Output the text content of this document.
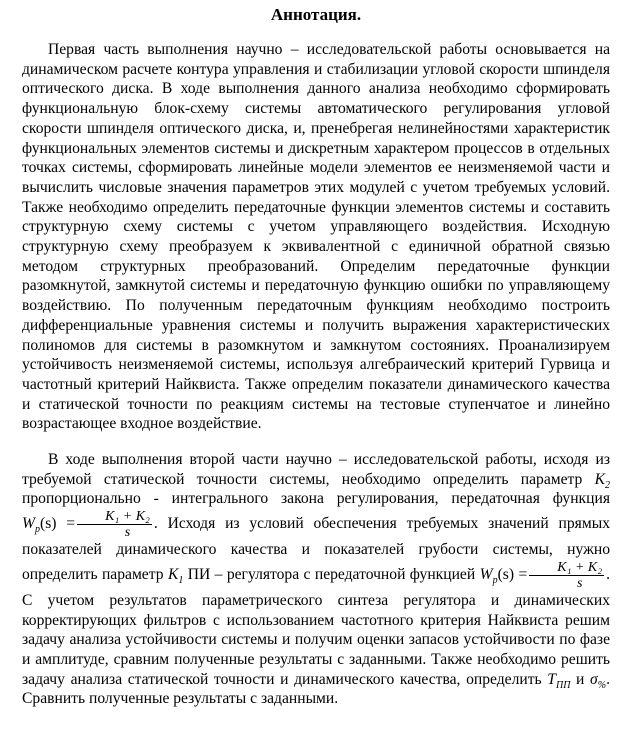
Аннотация.

Первая часть выполнения научно – исследовательской работы основывается на динамическом расчете контура управления и стабилизации угловой скорости шпинделя оптического диска. В ходе выполнения данного анализа необходимо сформировать функциональную блок-схему системы автоматического регулирования угловой скорости шпинделя оптического диска, и, пренебрегая нелинейностями характеристик функциональных элементов системы и дискретным характером процессов в отдельных точках системы, сформировать линейные модели элементов ее неизменяемой части и вычислить числовые значения параметров этих модулей с учетом требуемых условий. Также необходимо определить передаточные функции элементов системы и составить структурную схему системы с учетом управляющего воздействия. Исходную структурную схему преобразуем к эквивалентной с единичной обратной связью методом структурных преобразований. Определим передаточные функции разомкнутой, замкнутой системы и передаточную функцию ошибки по управляющему воздействию. По полученным передаточным функциям необходимо построить дифференциальные уравнения системы и получить выражения характеристических полиномов для системы в разомкнутом и замкнутом состояниях. Проанализируем устойчивость неизменяемой системы, используя алгебраический критерий Гурвица и частотный критерий Найквиста. Также определим показатели динамического качества и статической точности по реакциям системы на тестовые ступенчатое и линейно возрастающее входное воздействие.

В ходе выполнения второй части научно – исследовательской работы, исходя из требуемой статической точности системы, необходимо определить параметр $K_2$ пропорционально - интегрального закона регулирования, передаточная функция $W_p(s) = \frac{\text{K₁ + K₂}}{s}$ . Исходя из условий обеспечения требуемых значений прямых показателей динамического качества и показателей грубости системы, нужно определить параметр $K_1$ ПИ – регулятора с передаточной функцией $W_p(s) = \frac{\text{K₁ + K₂}}{s}$ . С учетом результатов параметрического синтеза регулятора и динамических корректирующих фильтров с использованием частотного критерия Найквиста решим задачу анализа устойчивости системы и получим оценки запасов устойчивости по фазе и амплитуде, сравним полученные результаты с заданными. Также необходимо решить задачу анализа статической точности и динамического качества, определить $T_{ПП}$ и $\sigma_{\%}$. Сравнить полученные результаты с заданными.
